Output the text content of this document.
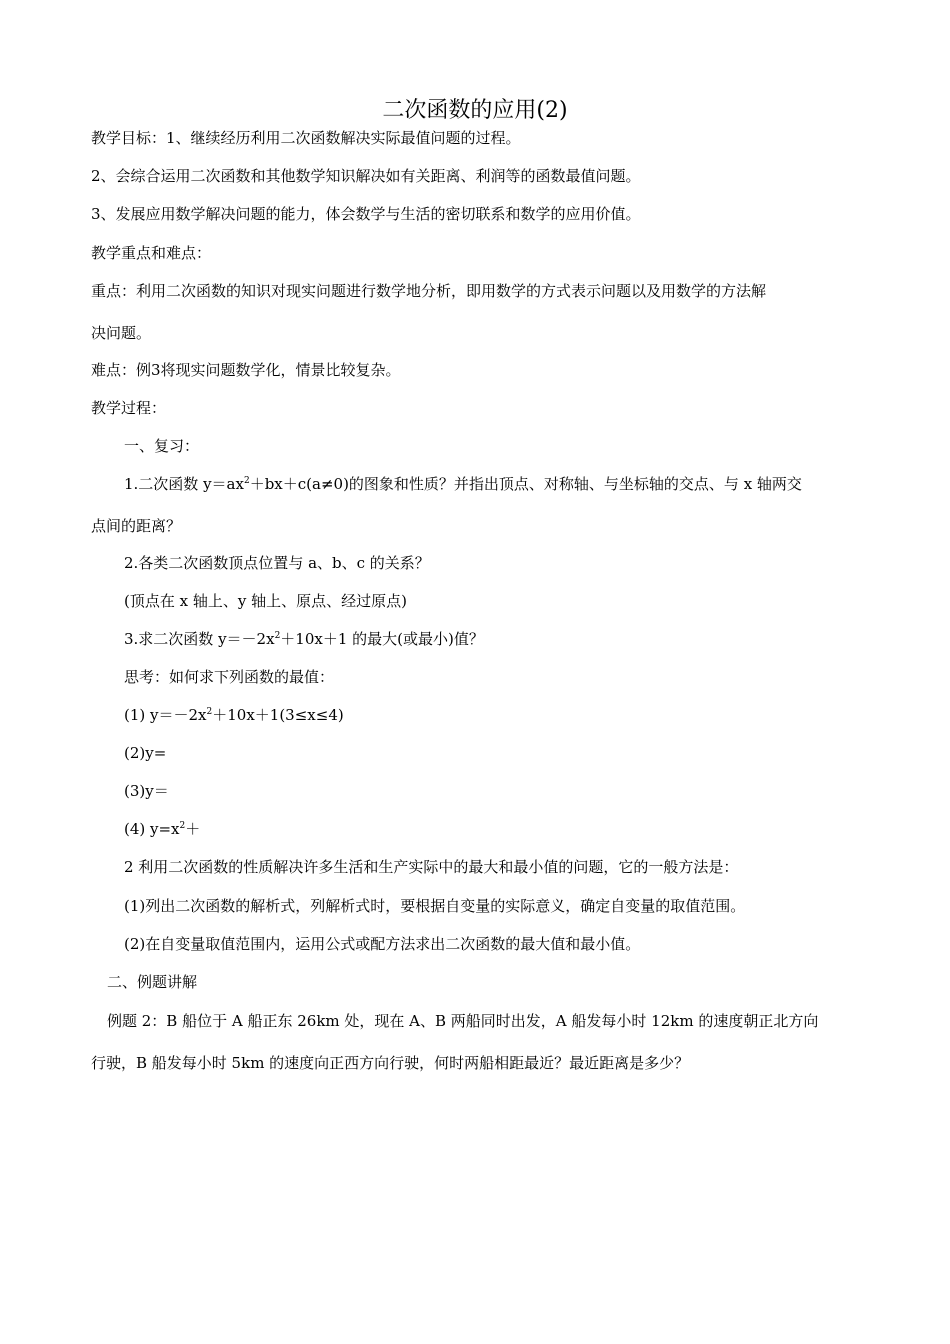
二次函数的应用(2)
教学目标：1、继续经历利用二次函数解决实际最值问题的过程。
2、会综合运用二次函数和其他数学知识解决如有关距离、利润等的函数最值问题。
3、发展应用数学解决问题的能力，体会数学与生活的密切联系和数学的应用价值。
教学重点和难点：
重点：利用二次函数的知识对现实问题进行数学地分析，即用数学的方式表示问题以及用数学的方法解
决问题。
难点：例3将现实问题数学化，情景比较复杂。
教学过程：
一、复习：
1.二次函数 $y=ax^2+bx+c(a\ne 0)$的图象和性质？并指出顶点、对称轴、与坐标轴的交点、与 x 轴两交
点间的距离？
2.各类二次函数顶点位置与 a、b、c 的关系？
(顶点在 x 轴上、y 轴上、原点、经过原点)
3.求二次函数 $y=-2x^2+10x+1$ 的最大(或最小)值？
思考：如何求下列函数的最值：
(1) $y=-2x^2+10x+1(3\le x\le 4)$
(2)y=
(3)y＝
(4) $y=x^2+$
2 利用二次函数的性质解决许多生活和生产实际中的最大和最小值的问题，它的一般方法是：
(1)列出二次函数的解析式，列解析式时，要根据自变量的实际意义，确定自变量的取值范围。
(2)在自变量取值范围内，运用公式或配方法求出二次函数的最大值和最小值。
二、例题讲解
例题 2：B 船位于 A 船正东 26km 处，现在 A、B 两船同时出发，A 船发每小时 12km 的速度朝正北方向
行驶，B 船发每小时 5km 的速度向正西方向行驶，何时两船相距最近？最近距离是多少？
